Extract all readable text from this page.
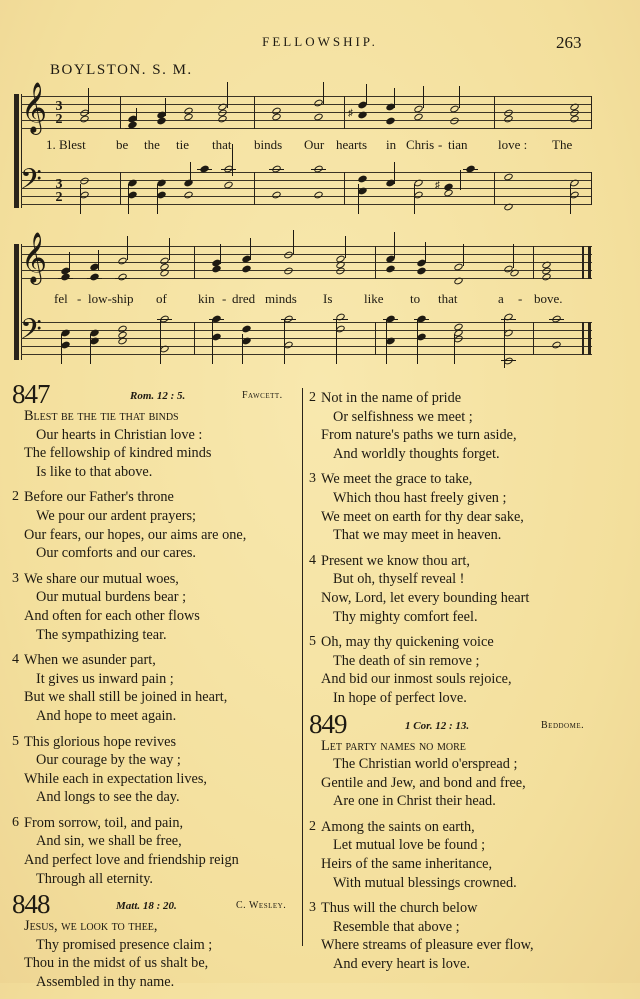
FELLOWSHIP.	263
BOYLSTON. S. M.
𝄞 3
2	♯
1. Blest be the tie that binds Our hearts in Chris - tian love : The
𝄢 3
2
♯
𝄞
fel - low-ship of kin - dred minds Is like to that	a - bove.
𝄢
847	Rom. 12 : 5.	Fawcett.
Blest be the tie that binds
Our hearts in Christian love :
The fellowship of kindred minds
Is like to that above.
2 Before our Father's throne
We pour our ardent prayers;
Our fears, our hopes, our aims are one,
Our comforts and our cares.
3 We share our mutual woes,
Our mutual burdens bear ;
And often for each other flows
The sympathizing tear.
4 When we asunder part,
It gives us inward pain ;
But we shall still be joined in heart,
And hope to meet again.
5 This glorious hope revives
Our courage by the way ;
While each in expectation lives,
And longs to see the day.
6 From sorrow, toil, and pain,
And sin, we shall be free,
And perfect love and friendship reign
Through all eternity.
848	Matt. 18 : 20.	C. Wesley.
Jesus, we look to thee,
Thy promised presence claim ;
Thou in the midst of us shalt be,
Assembled in thy name.
2 Not in the name of pride
Or selfishness we meet ;
From nature's paths we turn aside,
And worldly thoughts forget.
3 We meet the grace to take,
Which thou hast freely given ;
We meet on earth for thy dear sake,
That we may meet in heaven.
4 Present we know thou art,
But oh, thyself reveal !
Now, Lord, let every bounding heart
Thy mighty comfort feel.
5 Oh, may thy quickening voice
The death of sin remove ;
And bid our inmost souls rejoice,
In hope of perfect love.
849	1 Cor. 12 : 13.	Beddome.
Let party names no more
The Christian world o'erspread ;
Gentile and Jew, and bond and free,
Are one in Christ their head.
2 Among the saints on earth,
Let mutual love be found ;
Heirs of the same inheritance,
With mutual blessings crowned.
3 Thus will the church below
Resemble that above ;
Where streams of pleasure ever flow,
And every heart is love.
